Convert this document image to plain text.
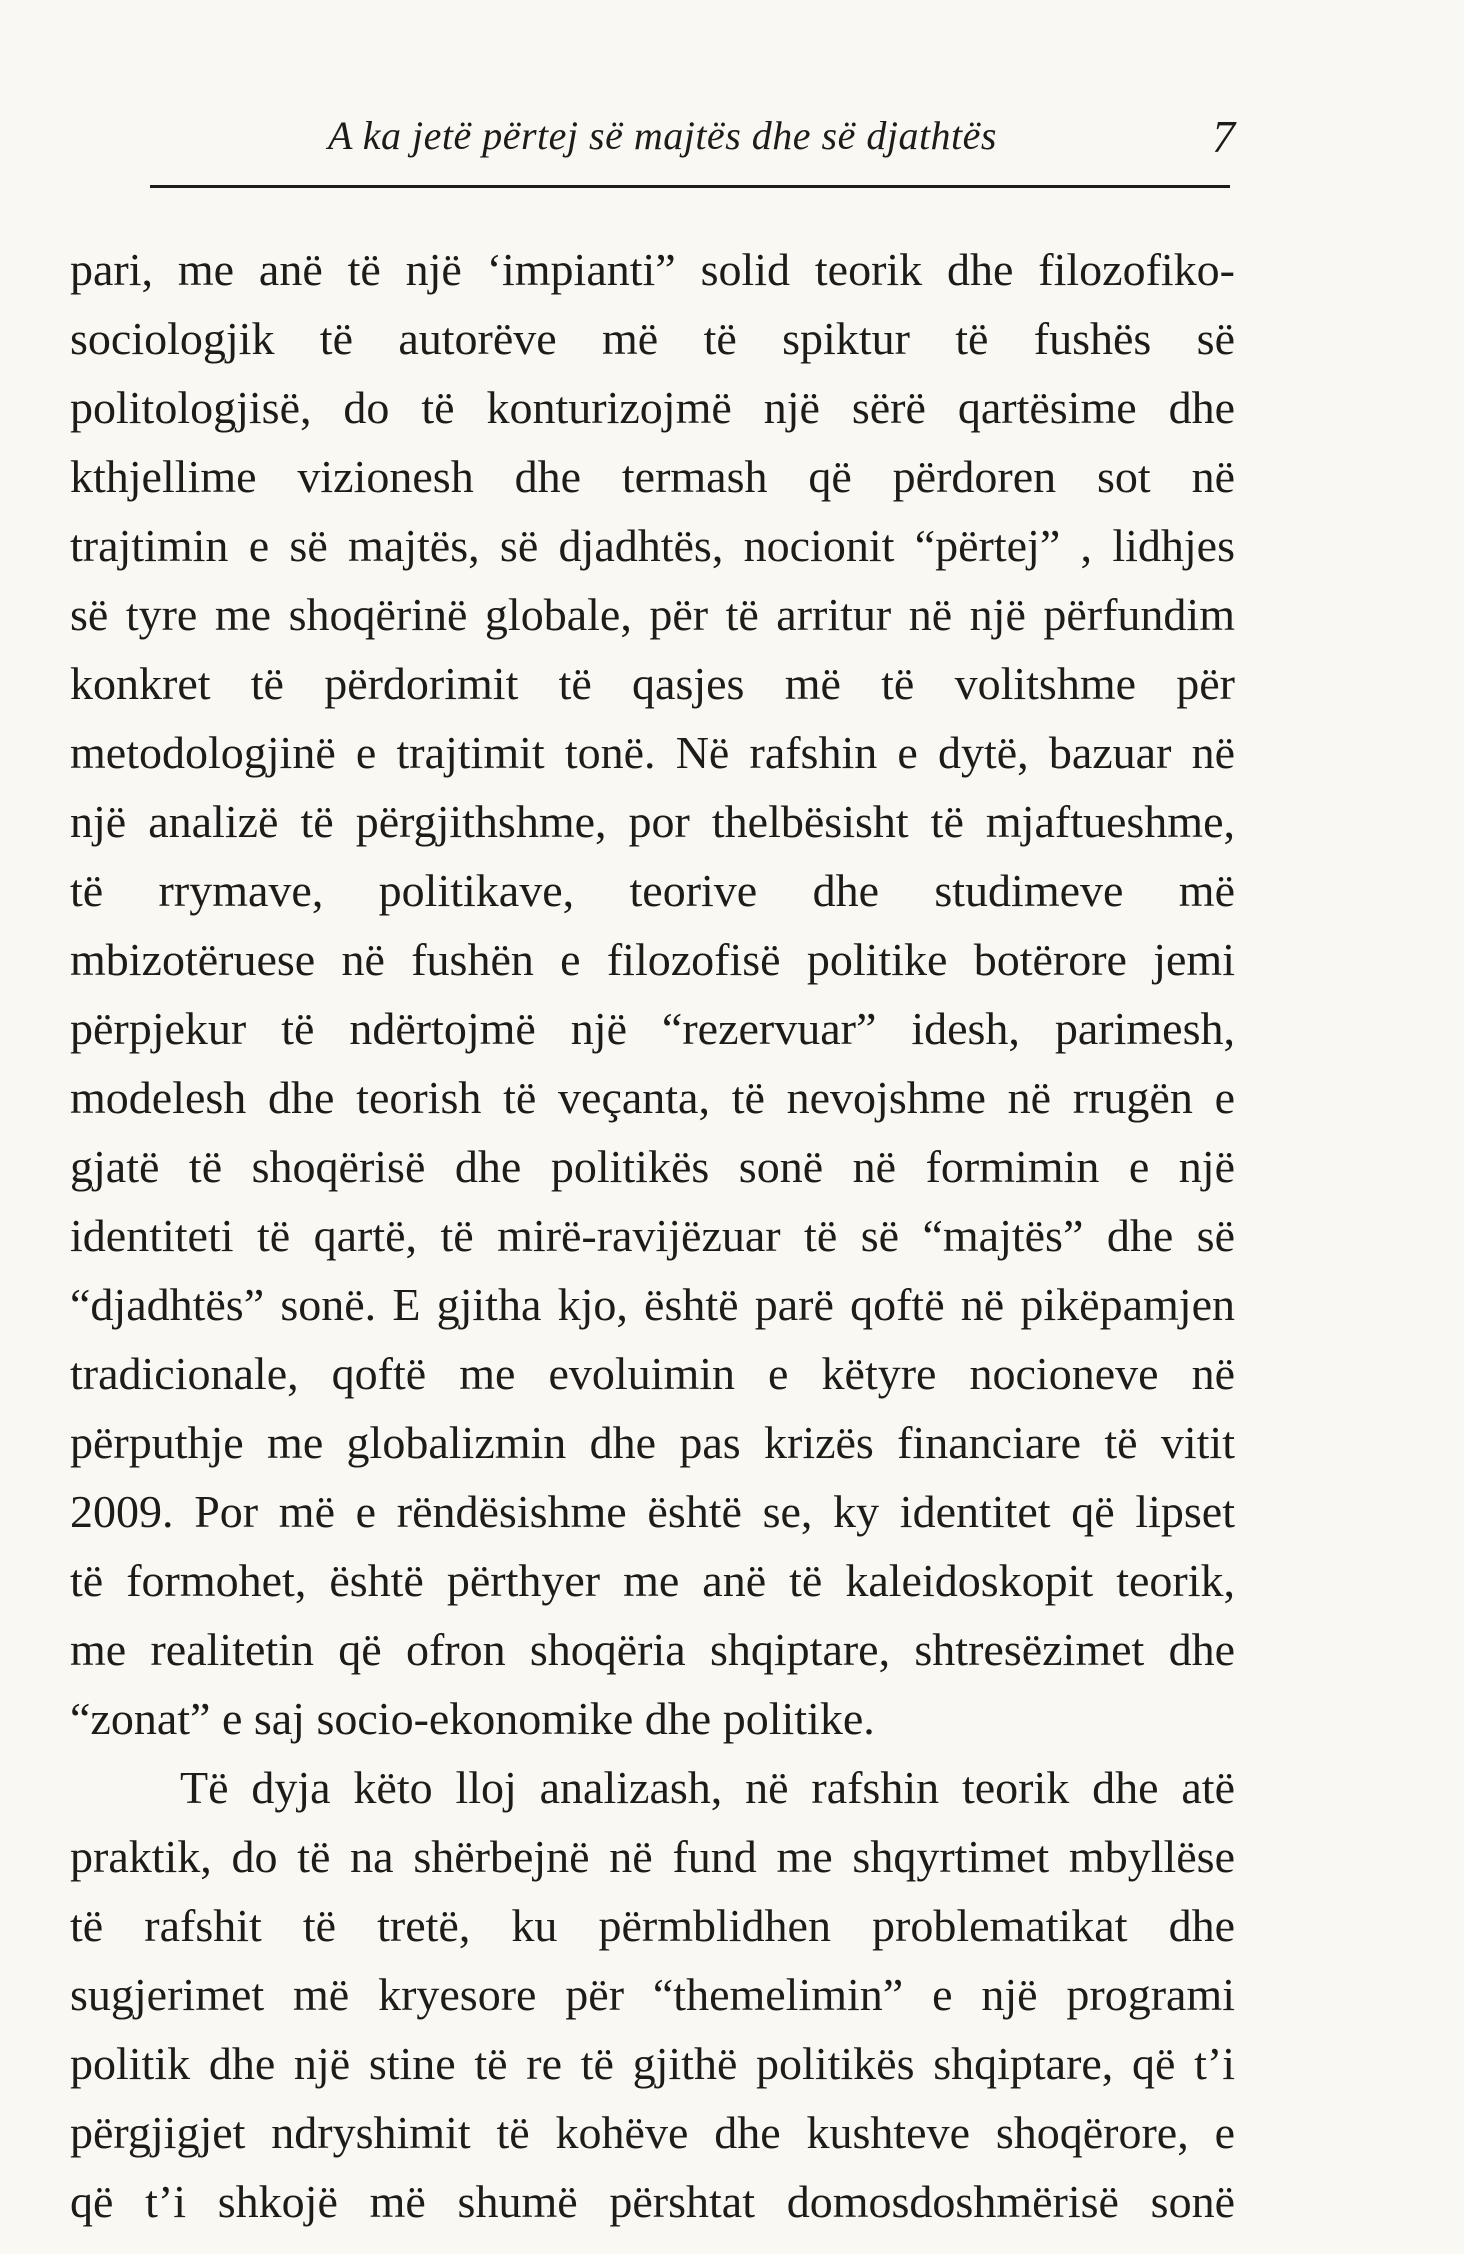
A ka jetë përtej së majtës dhe së djathtës	7
pari, me anë të një ‘impianti” solid teorik dhe filozofiko-
sociologjik të autorëve më të spiktur të fushës së
politologjisë, do të konturizojmë një sërë qartësime dhe
kthjellime vizionesh dhe termash që përdoren sot në
trajtimin e së majtës, së djadhtës, nocionit “përtej” , lidhjes
së tyre me shoqërinë globale, për të arritur në një përfundim
konkret të përdorimit të qasjes më të volitshme për
metodologjinë e trajtimit tonë. Në rafshin e dytë, bazuar në
një analizë të përgjithshme, por thelbësisht të mjaftueshme,
të rrymave, politikave, teorive dhe studimeve më
mbizotëruese në fushën e filozofisë politike botërore jemi
përpjekur të ndërtojmë një “rezervuar” idesh, parimesh,
modelesh dhe teorish të veçanta, të nevojshme në rrugën e
gjatë të shoqërisë dhe politikës sonë në formimin e një
identiteti të qartë, të mirë-ravijëzuar të së “majtës” dhe së
“djadhtës” sonë. E gjitha kjo, është parë qoftë në pikëpamjen
tradicionale, qoftë me evoluimin e këtyre nocioneve në
përputhje me globalizmin dhe pas krizës financiare të vitit
2009. Por më e rëndësishme është se, ky identitet që lipset
të formohet, është përthyer me anë të kaleidoskopit teorik,
me realitetin që ofron shoqëria shqiptare, shtresëzimet dhe
“zonat” e saj socio-ekonomike dhe politike.
Të dyja këto lloj analizash, në rafshin teorik dhe atë
praktik, do të na shërbejnë në fund me shqyrtimet mbyllëse
të rafshit të tretë, ku përmblidhen problematikat dhe
sugjerimet më kryesore për “themelimin” e një programi
politik dhe një stine të re të gjithë politikës shqiptare, që t’i
përgjigjet ndryshimit të kohëve dhe kushteve shoqërore, e
që t’i shkojë më shumë përshtat domosdoshmërisë sonë
